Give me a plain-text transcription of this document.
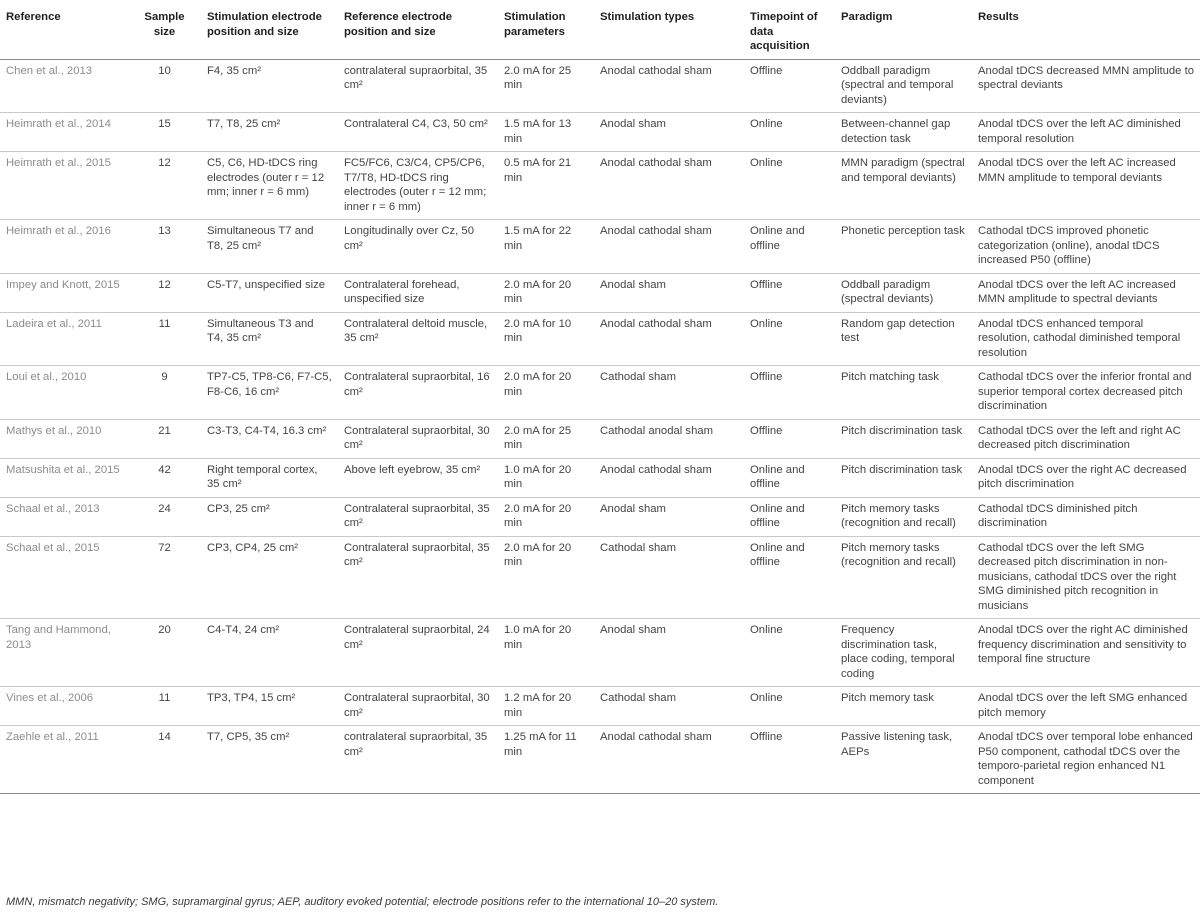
Reference	Sample size	Stimulation electrode position and size	Reference electrode position and size	Stimulation parameters	Stimulation types	Timepoint of data acquisition	Paradigm	Results
Chen et al., 2013	10	F4, 35 cm²	contralateral supraorbital, 35 cm²	2.0 mA for 25 min	Anodal cathodal sham	Offline	Oddball paradigm (spectral and temporal deviants)	Anodal tDCS decreased MMN amplitude to spectral deviants
Heimrath et al., 2014	15	T7, T8, 25 cm²	Contralateral C4, C3, 50 cm²	1.5 mA for 13 min	Anodal sham	Online	Between-channel gap detection task	Anodal tDCS over the left AC diminished temporal resolution
Heimrath et al., 2015	12	C5, C6, HD-tDCS ring electrodes (outer r = 12 mm; inner r = 6 mm)	FC5/FC6, C3/C4, CP5/CP6, T7/T8, HD-tDCS ring electrodes (outer r = 12 mm; inner r = 6 mm)	0.5 mA for 21 min	Anodal cathodal sham	Online	MMN paradigm (spectral and temporal deviants)	Anodal tDCS over the left AC increased MMN amplitude to temporal deviants
Heimrath et al., 2016	13	Simultaneous T7 and T8, 25 cm²	Longitudinally over Cz, 50 cm²	1.5 mA for 22 min	Anodal cathodal sham	Online and offline	Phonetic perception task	Cathodal tDCS improved phonetic categorization (online), anodal tDCS increased P50 (offline)
Impey and Knott, 2015	12	C5-T7, unspecified size	Contralateral forehead, unspecified size	2.0 mA for 20 min	Anodal sham	Offline	Oddball paradigm (spectral deviants)	Anodal tDCS over the left AC increased MMN amplitude to spectral deviants
Ladeira et al., 2011	11	Simultaneous T3 and T4, 35 cm²	Contralateral deltoid muscle, 35 cm²	2.0 mA for 10 min	Anodal cathodal sham	Online	Random gap detection test	Anodal tDCS enhanced temporal resolution, cathodal diminished temporal resolution
Loui et al., 2010	9	TP7-C5, TP8-C6, F7-C5, F8-C6, 16 cm²	Contralateral supraorbital, 16 cm²	2.0 mA for 20 min	Cathodal sham	Offline	Pitch matching task	Cathodal tDCS over the inferior frontal and superior temporal cortex decreased pitch discrimination
Mathys et al., 2010	21	C3-T3, C4-T4, 16.3 cm²	Contralateral supraorbital, 30 cm²	2.0 mA for 25 min	Cathodal anodal sham	Offline	Pitch discrimination task	Cathodal tDCS over the left and right AC decreased pitch discrimination
Matsushita et al., 2015	42	Right temporal cortex, 35 cm²	Above left eyebrow, 35 cm²	1.0 mA for 20 min	Anodal cathodal sham	Online and offline	Pitch discrimination task	Anodal tDCS over the right AC decreased pitch discrimination
Schaal et al., 2013	24	CP3, 25 cm²	Contralateral supraorbital, 35 cm²	2.0 mA for 20 min	Anodal sham	Online and offline	Pitch memory tasks (recognition and recall)	Cathodal tDCS diminished pitch discrimination
Schaal et al., 2015	72	CP3, CP4, 25 cm²	Contralateral supraorbital, 35 cm²	2.0 mA for 20 min	Cathodal sham	Online and offline	Pitch memory tasks (recognition and recall)	Cathodal tDCS over the left SMG decreased pitch discrimination in non-musicians, cathodal tDCS over the right SMG diminished pitch recognition in musicians
Tang and Hammond, 2013	20	C4-T4, 24 cm²	Contralateral supraorbital, 24 cm²	1.0 mA for 20 min	Anodal sham	Online	Frequency discrimination task, place coding, temporal coding	Anodal tDCS over the right AC diminished frequency discrimination and sensitivity to temporal fine structure
Vines et al., 2006	11	TP3, TP4, 15 cm²	Contralateral supraorbital, 30 cm²	1.2 mA for 20 min	Cathodal sham	Online	Pitch memory task	Anodal tDCS over the left SMG enhanced pitch memory
Zaehle et al., 2011	14	T7, CP5, 35 cm²	contralateral supraorbital, 35 cm²	1.25 mA for 11 min	Anodal cathodal sham	Offline	Passive listening task, AEPs	Anodal tDCS over temporal lobe enhanced P50 component, cathodal tDCS over the temporo-parietal region enhanced N1 component
MMN, mismatch negativity; SMG, supramarginal gyrus; AEP, auditory evoked potential; electrode positions refer to the international 10–20 system.
